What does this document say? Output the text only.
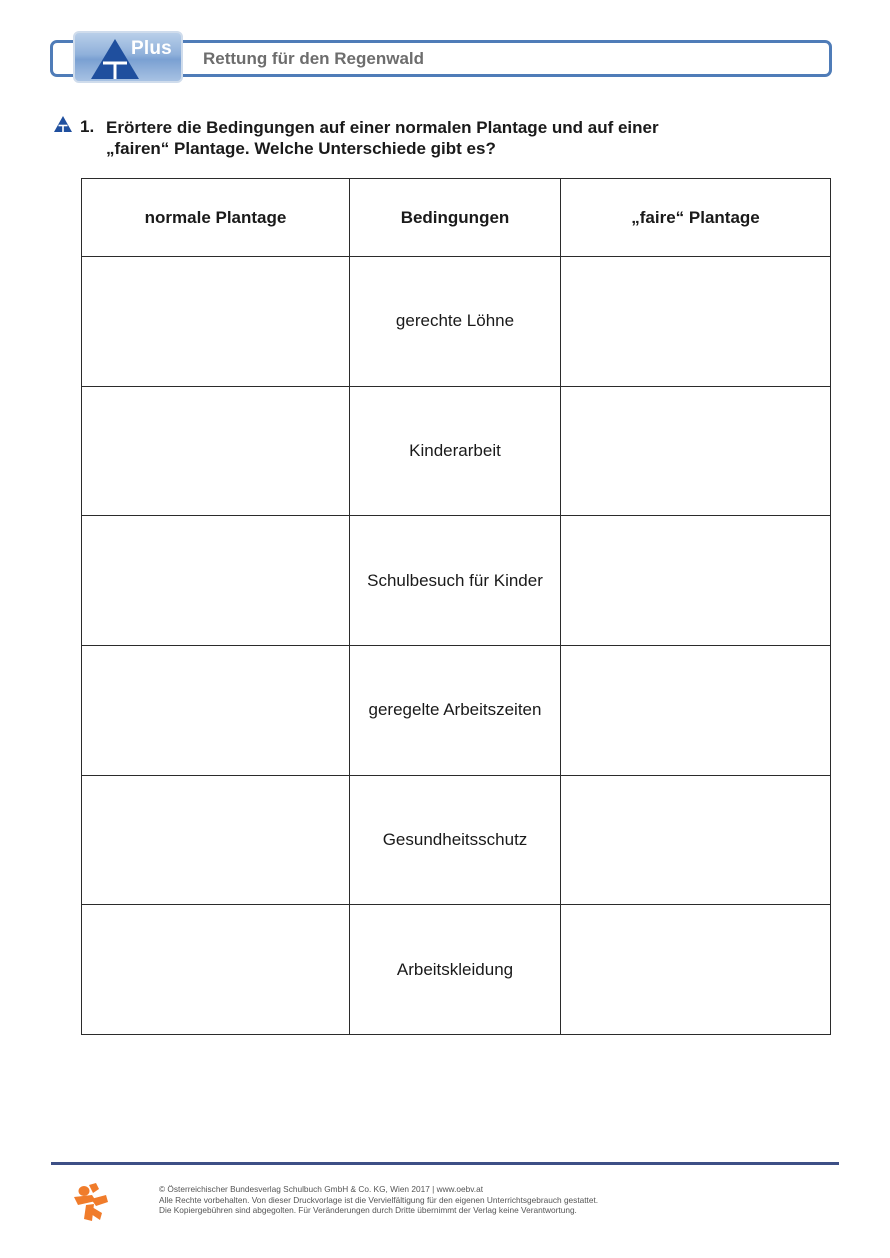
Plus Rettung für den Regenwald
1. Erörtere die Bedingungen auf einer normalen Plantage und auf einer
„fairen“ Plantage. Welche Unterschiede gibt es?
normale Plantage	Bedingungen	„faire“ Plantage
	gerechte Löhne	
	Kinderarbeit	
	Schulbesuch für Kinder	
	geregelte Arbeitszeiten	
	Gesundheitsschutz	
	Arbeitskleidung	
© Österreichischer Bundesverlag Schulbuch GmbH & Co. KG, Wien 2017 | www.oebv.at
Alle Rechte vorbehalten. Von dieser Druckvorlage ist die Vervielfältigung für den eigenen Unterrichtsgebrauch gestattet.
Die Kopiergebühren sind abgegolten. Für Veränderungen durch Dritte übernimmt der Verlag keine Verantwortung.
